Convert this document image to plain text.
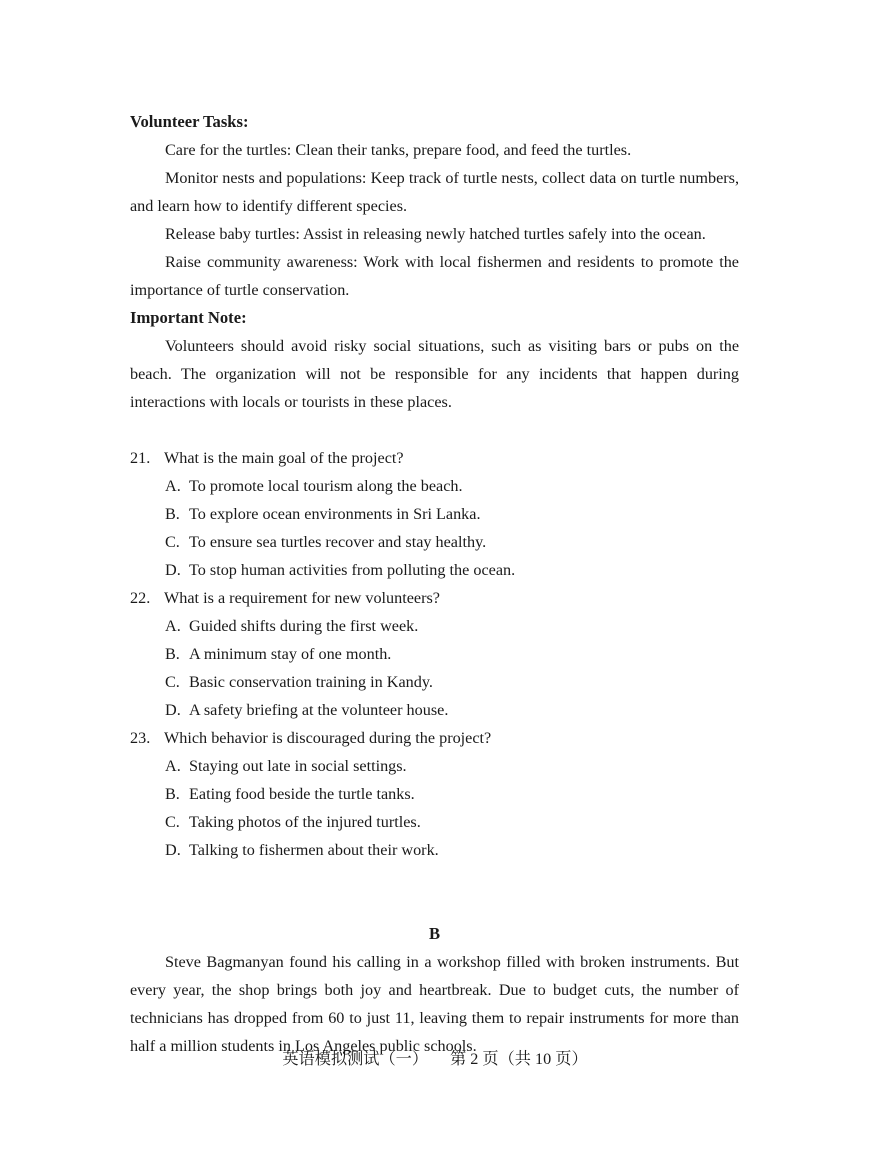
Volunteer Tasks:

Care for the turtles: Clean their tanks, prepare food, and feed the turtles.

Monitor nests and populations: Keep track of turtle nests, collect data on turtle numbers, and learn how to identify different species.

Release baby turtles: Assist in releasing newly hatched turtles safely into the ocean.

Raise community awareness: Work with local fishermen and residents to promote the importance of turtle conservation.

Important Note:

Volunteers should avoid risky social situations, such as visiting bars or pubs on the beach. The organization will not be responsible for any incidents that happen during interactions with locals or tourists in these places.

21. What is the main goal of the project?

A. To promote local tourism along the beach.

B. To explore ocean environments in Sri Lanka.

C. To ensure sea turtles recover and stay healthy.

D. To stop human activities from polluting the ocean.

22. What is a requirement for new volunteers?

A. Guided shifts during the first week.

B. A minimum stay of one month.

C. Basic conservation training in Kandy.

D. A safety briefing at the volunteer house.

23. Which behavior is discouraged during the project?

A. Staying out late in social settings.

B. Eating food beside the turtle tanks.

C. Taking photos of the injured turtles.

D. Talking to fishermen about their work.

B

Steve Bagmanyan found his calling in a workshop filled with broken instruments. But every year, the shop brings both joy and heartbreak. Due to budget cuts, the number of technicians has dropped from 60 to just 11, leaving them to repair instruments for more than half a million students in Los Angeles public schools.

英语模拟测试（一） 第 2 页（共 10 页）
